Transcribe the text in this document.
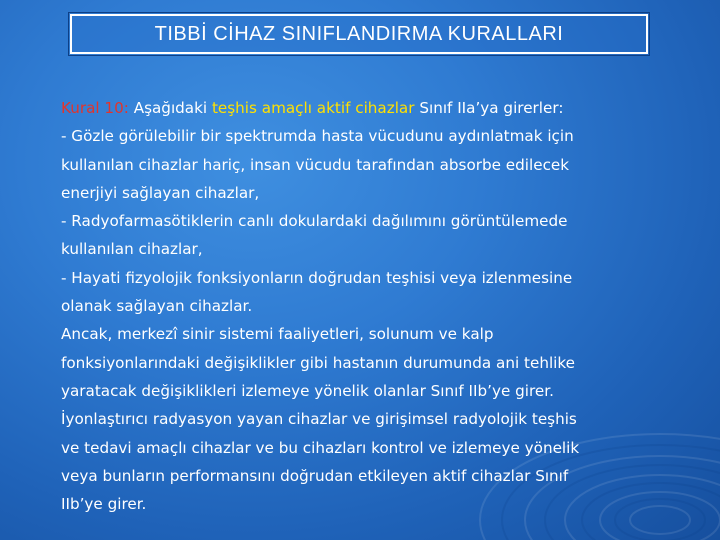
TIBBİ CİHAZ SINIFLANDIRMA KURALLARI
Kural 10: Aşağıdaki teşhis amaçlı aktif cihazlar Sınıf IIa’ya girerler:
- Gözle görülebilir bir spektrumda hasta vücudunu aydınlatmak için
kullanılan cihazlar hariç, insan vücudu tarafından absorbe edilecek
enerjiyi sağlayan cihazlar,
- Radyofarmasötiklerin canlı dokulardaki dağılımını görüntülemede
kullanılan cihazlar,
- Hayati fizyolojik fonksiyonların doğrudan teşhisi veya izlenmesine
olanak sağlayan cihazlar.
Ancak, merkezî sinir sistemi faaliyetleri, solunum ve kalp
fonksiyonlarındaki değişiklikler gibi hastanın durumunda ani tehlike
yaratacak değişiklikleri izlemeye yönelik olanlar Sınıf IIb’ye girer.
İyonlaştırıcı radyasyon yayan cihazlar ve girişimsel radyolojik teşhis
ve tedavi amaçlı cihazlar ve bu cihazları kontrol ve izlemeye yönelik
veya bunların performansını doğrudan etkileyen aktif cihazlar Sınıf
IIb’ye girer.
